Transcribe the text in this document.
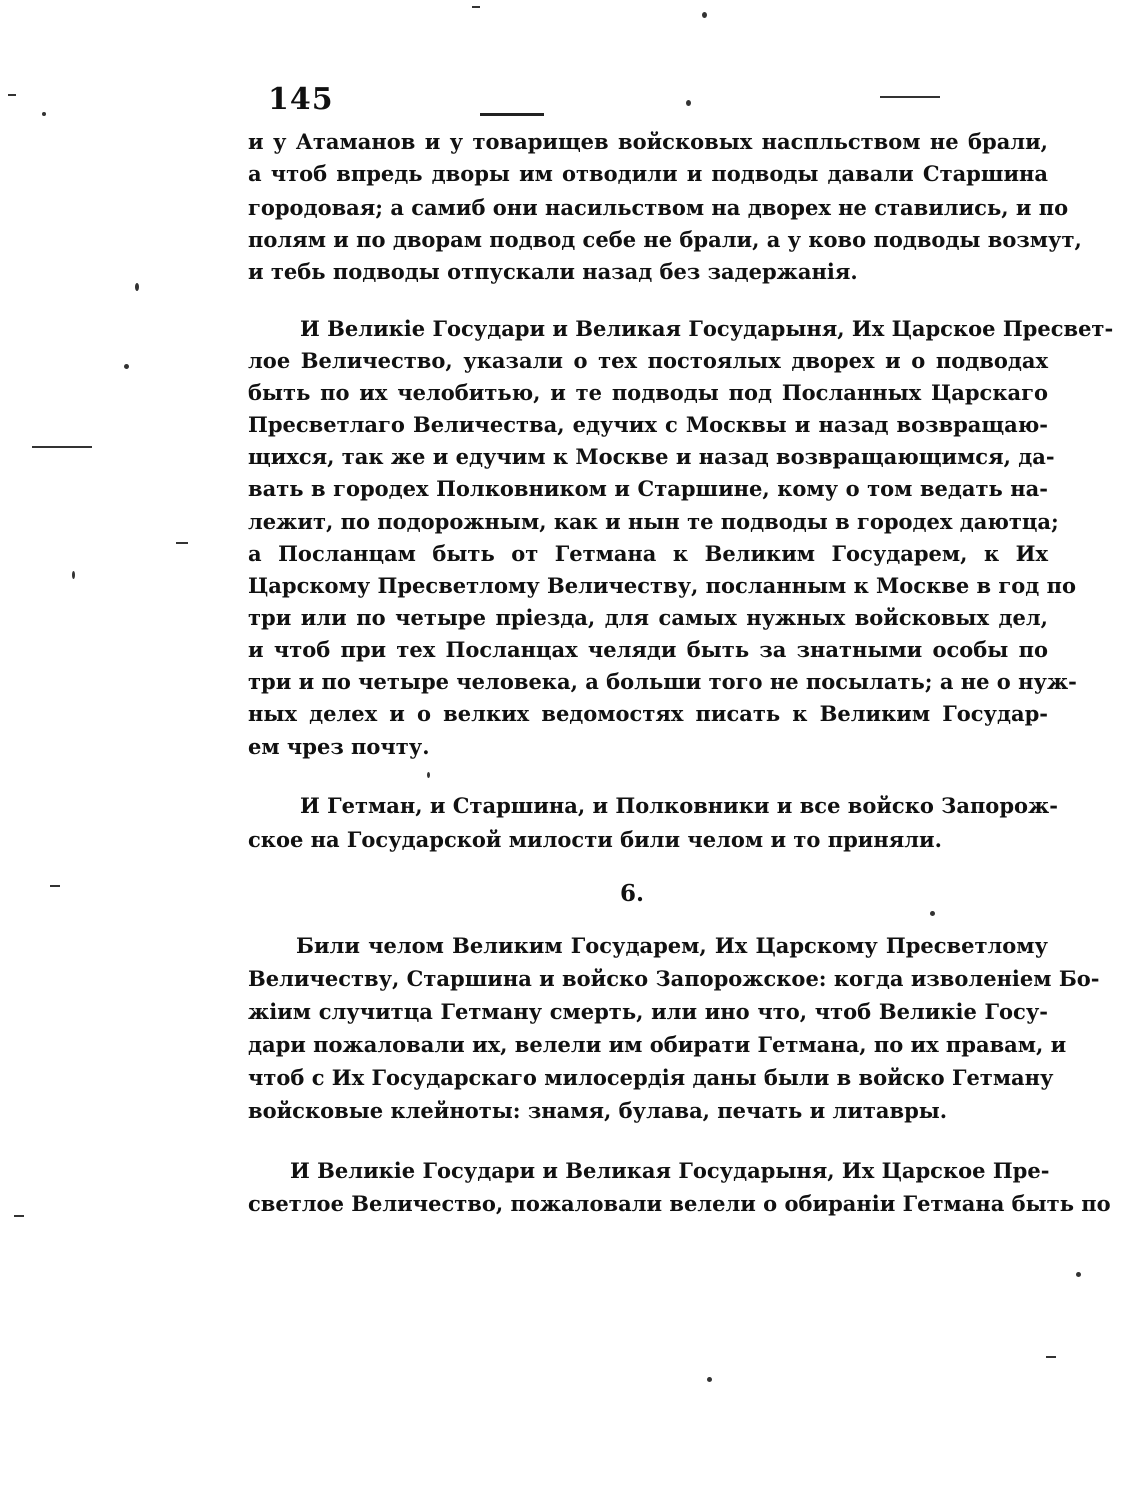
145
и у Атаманов и у товарищев войсковых наспльством не брали,
а чтоб впредь дворы им отводили и подводы давали Старшина
городовая; а самиб они насильством на дворех не ставились, и по
полям и по дворам подвод себе не брали, а у ково подводы возмут,
и тебь подводы отпускали назад без задержанія.
И Великіе Государи и Великая Государыня, Их Царское Пресвет-
лое Величество, указали о тех постоялых дворех и о подводах
быть по их челобитью, и те подводы под Посланных Царскаго
Пресветлаго Величества, едучих с Москвы и назад возвращаю-
щихся, так же и едучим к Москве и назад возвращающимся, да-
вать в городех Полковником и Старшине, кому о том ведать на-
лежит, по подорожным, как и нын те подводы в городех даютца;
а Посланцам быть от Гетмана к Великим Государем, к Их
Царскому Пресветлому Величеству, посланным к Москве в год по
три или по четыре пріезда, для самых нужных войсковых дел,
и чтоб при тех Посланцах челяди быть за знатными особы по
три и по четыре человека, а больши того не посылать; а не о нуж-
ных делех и о велких ведомостях писать к Великим Государ-
ем чрез почту.
И Гетман, и Старшина, и Полковники и все войско Запорож-
ское на Государской милости били челом и то приняли.
6.
Били челом Великим Государем, Их Царскому Пресветлому
Величеству, Старшина и войско Запорожское: когда изволеніем Бо-
жіим случитца Гетману смерть, или ино что, чтоб Великіе Госу-
дари пожаловали их, велели им обирати Гетмана, по их правам, и
чтоб с Их Государскаго милосердія даны были в войско Гетману
войсковые клейноты: знамя, булава, печать и литавры.
И Великіе Государи и Великая Государыня, Их Царское Пре-
светлое Величество, пожаловали велели о обираніи Гетмана быть по
